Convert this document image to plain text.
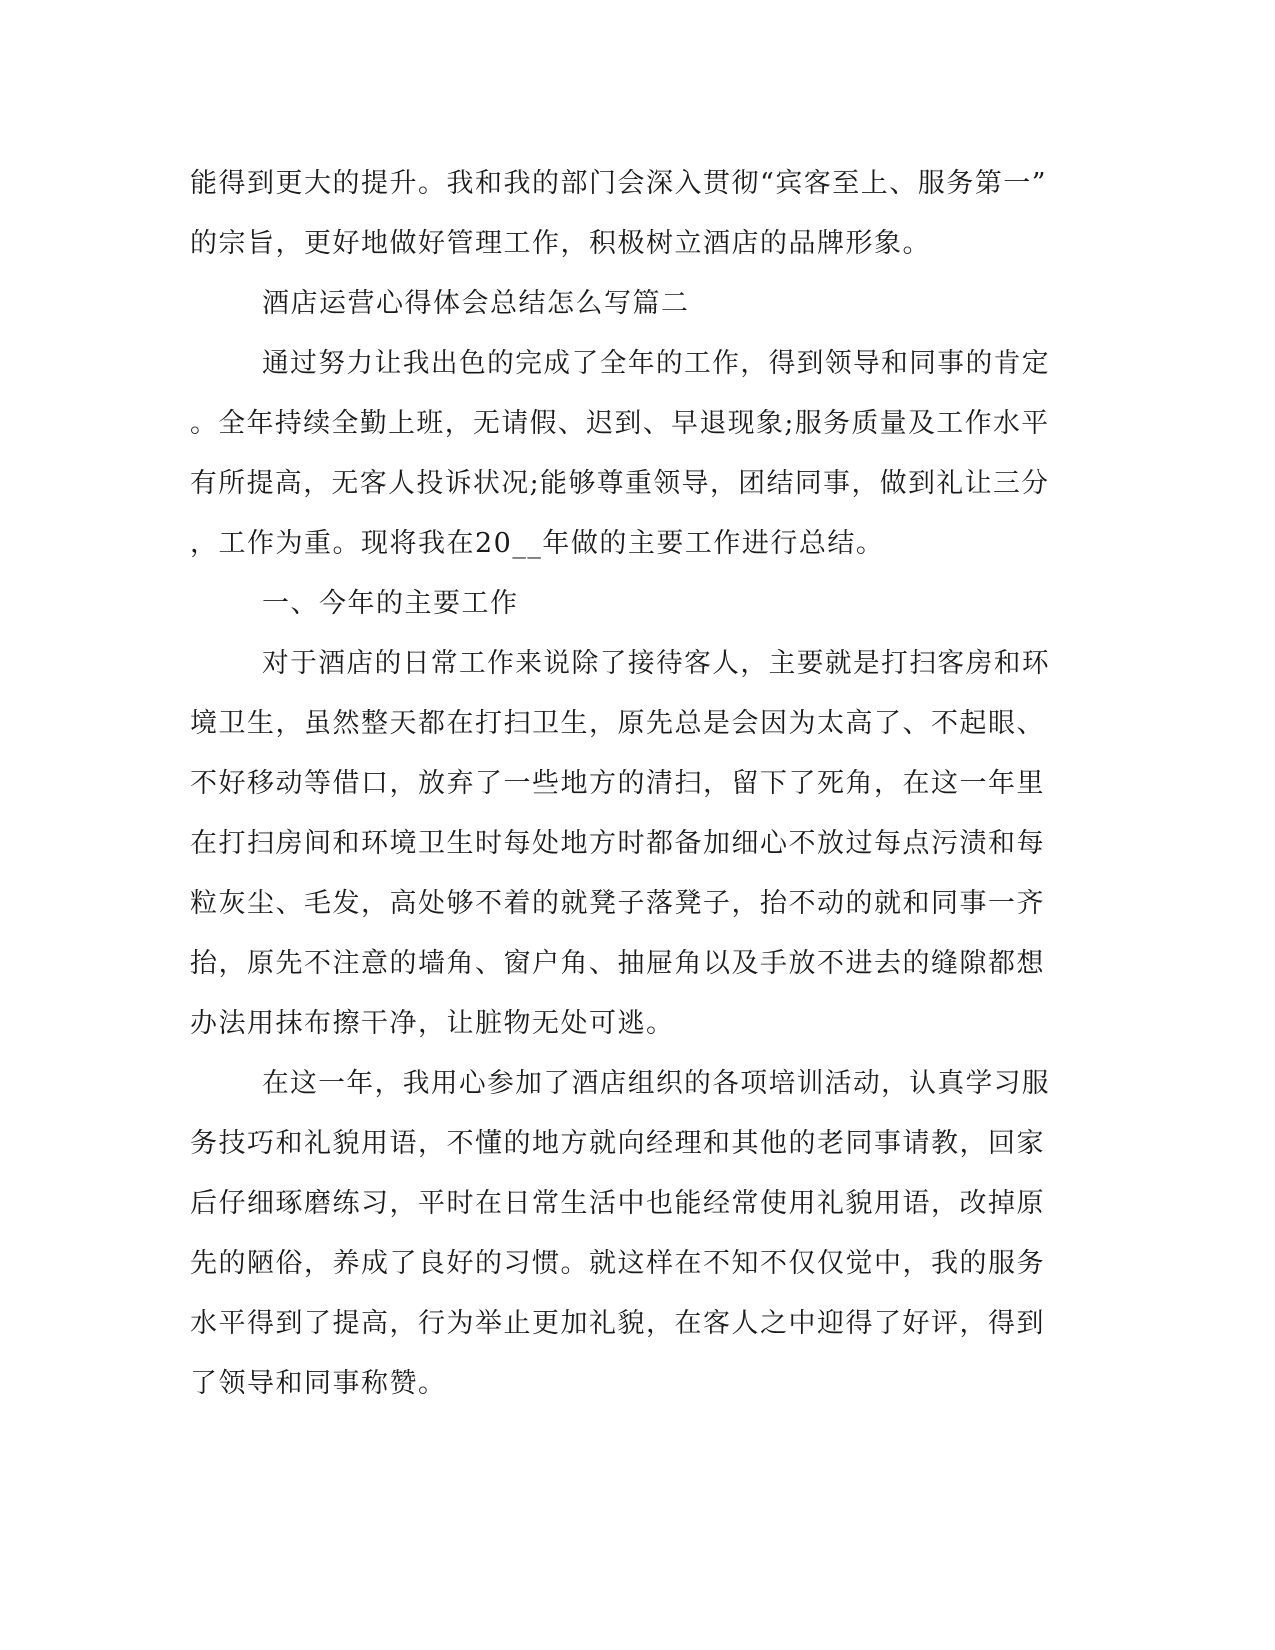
能得到更大的提升。我和我的部门会深入贯彻“宾客至上、服务第一”
的宗旨，更好地做好管理工作，积极树立酒店的品牌形象。
酒店运营心得体会总结怎么写篇二
通过努力让我出色的完成了全年的工作，得到领导和同事的肯定
。全年持续全勤上班，无请假、迟到、早退现象;服务质量及工作水平
有所提高，无客人投诉状况;能够尊重领导，团结同事，做到礼让三分
，工作为重。现将我在20__年做的主要工作进行总结。
一、今年的主要工作
对于酒店的日常工作来说除了接待客人，主要就是打扫客房和环
境卫生，虽然整天都在打扫卫生，原先总是会因为太高了、不起眼、
不好移动等借口，放弃了一些地方的清扫，留下了死角，在这一年里
在打扫房间和环境卫生时每处地方时都备加细心不放过每点污渍和每
粒灰尘、毛发，高处够不着的就凳子落凳子，抬不动的就和同事一齐
抬，原先不注意的墙角、窗户角、抽屉角以及手放不进去的缝隙都想
办法用抹布擦干净，让脏物无处可逃。
在这一年，我用心参加了酒店组织的各项培训活动，认真学习服
务技巧和礼貌用语，不懂的地方就向经理和其他的老同事请教，回家
后仔细琢磨练习，平时在日常生活中也能经常使用礼貌用语，改掉原
先的陋俗，养成了良好的习惯。就这样在不知不仅仅觉中，我的服务
水平得到了提高，行为举止更加礼貌，在客人之中迎得了好评，得到
了领导和同事称赞。
